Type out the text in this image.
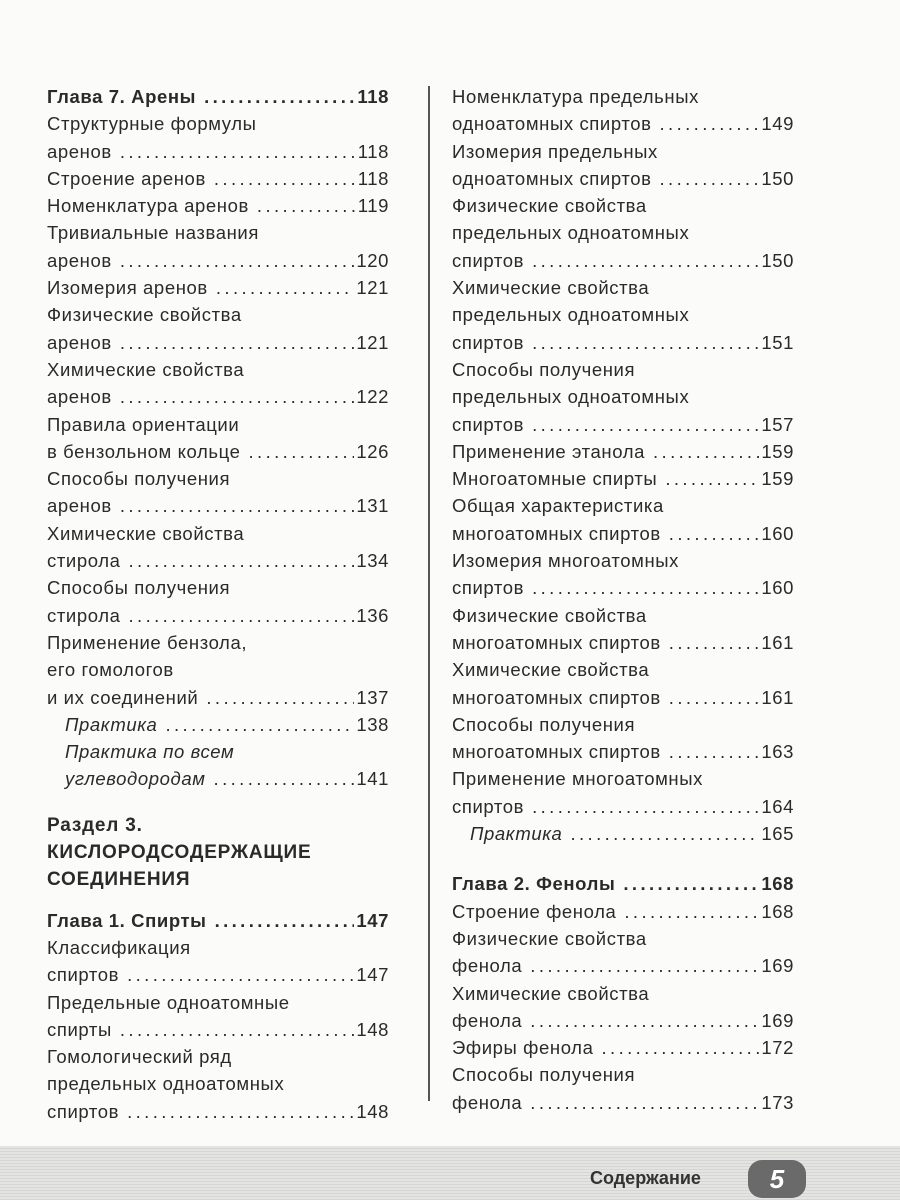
Глава 7. Арены .....	118
Структурные формулы
аренов .....	118
Строение аренов .....	118
Номенклатура аренов .....	119
Тривиальные названия
аренов .....	120
Изомерия аренов .....	121
Физические свойства
аренов .....	121
Химические свойства
аренов .....	122
Правила ориентации
в бензольном кольце .....	126
Способы получения
аренов .....	131
Химические свойства
стирола .....	134
Способы получения
стирола .....	136
Применение бензола,
его гомологов
и их соединений .....	137
Практика .....	138
Практика по всем
углеводородам .....	141
Раздел 3.
КИСЛОРОДСОДЕРЖАЩИЕ
СОЕДИНЕНИЯ
Глава 1. Спирты .....	147
Классификация
спиртов .....	147
Предельные одноатомные
спирты .....	148
Гомологический ряд
предельных одноатомных
спиртов .....	148
Номенклатура предельных
одноатомных спиртов .....	149
Изомерия предельных
одноатомных спиртов .....	150
Физические свойства
предельных одноатомных
спиртов .....	150
Химические свойства
предельных одноатомных
спиртов .....	151
Способы получения
предельных одноатомных
спиртов .....	157
Применение этанола .....	159
Многоатомные спирты .....	159
Общая характеристика
многоатомных спиртов .....	160
Изомерия многоатомных
спиртов .....	160
Физические свойства
многоатомных спиртов .....	161
Химические свойства
многоатомных спиртов .....	161
Способы получения
многоатомных спиртов .....	163
Применение многоатомных
спиртов .....	164
Практика .....	165
Глава 2. Фенолы .....	168
Строение фенола .....	168
Физические свойства
фенола .....	169
Химические свойства
фенола .....	169
Эфиры фенола .....	172
Способы получения
фенола .....	173
Содержание	5
